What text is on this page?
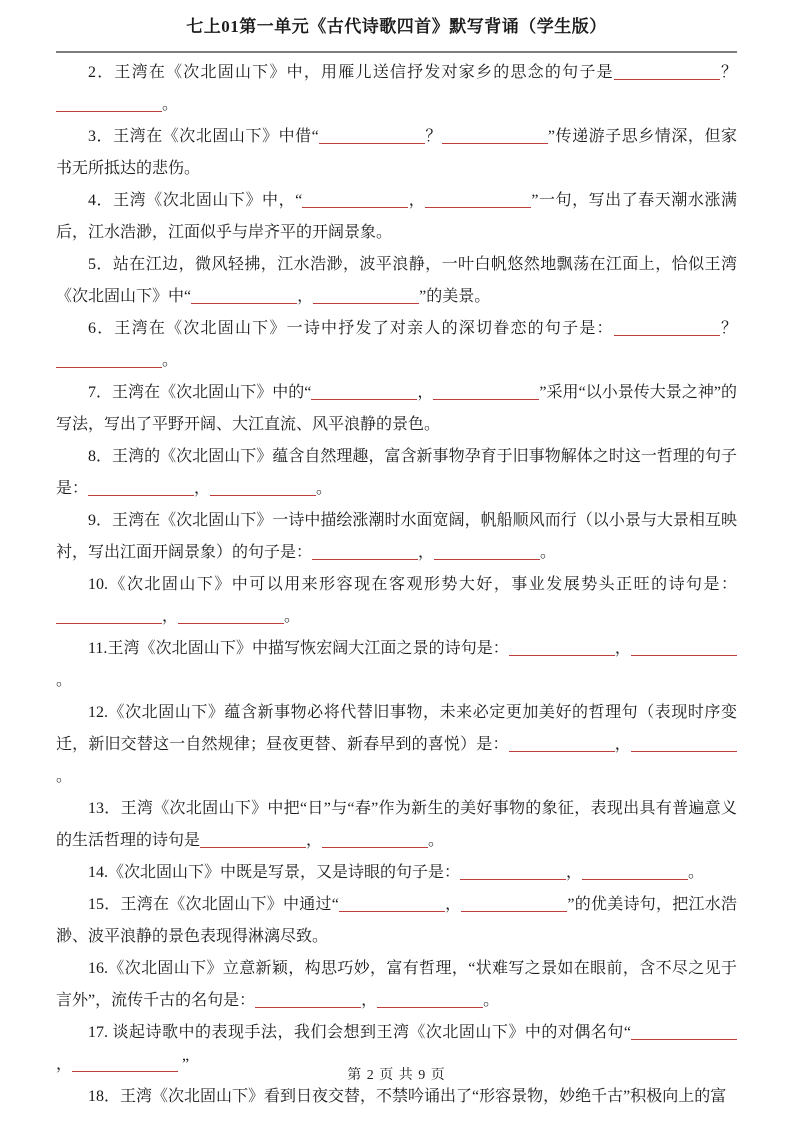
七上01第一单元《古代诗歌四首》默写背诵（学生版）

2．王湾在《次北固山下》中，用雁儿送信抒发对家乡的思念的句子是	？。

3．王湾在《次北固山下》中借“	？	”传递游子思乡情深，但家书无所抵达的悲伤。

4．王湾《次北固山下》中，“	，	”一句，写出了春天潮水涨满后，江水浩渺，江面似乎与岸齐平的开阔景象。

5．站在江边，微风轻拂，江水浩渺，波平浪静，一叶白帆悠然地飘荡在江面上，恰似王湾《次北固山下》中“	，	”的美景。

6．王湾在《次北固山下》一诗中抒发了对亲人的深切眷恋的句子是：	？。

7．王湾在《次北固山下》中的“	，	”采用“以小景传大景之神”的写法，写出了平野开阔、大江直流、风平浪静的景色。

8．王湾的《次北固山下》蕴含自然理趣，富含新事物孕育于旧事物解体之时这一哲理的句子是：	，	。

9．王湾在《次北固山下》一诗中描绘涨潮时水面宽阔，帆船顺风而行（以小景与大景相互映衬，写出江面开阔景象）的句子是：	，	。

10.《次北固山下》中可以用来形容现在客观形势大好，事业发展势头正旺的诗句是：，	。

11.王湾《次北固山下》中描写恢宏阔大江面之景的诗句是：	，。

12.《次北固山下》蕴含新事物必将代替旧事物，未来必定更加美好的哲理句（表现时序变迁，新旧交替这一自然规律；昼夜更替、新春早到的喜悦）是：	，。

13．王湾《次北固山下》中把“日”与“春”作为新生的美好事物的象征，表现出具有普遍意义的生活哲理的诗句是	，	。

14.《次北固山下》中既是写景，又是诗眼的句子是：	，	。

15．王湾在《次北固山下》中通过“	，	”的优美诗句，把江水浩渺、波平浪静的景色表现得淋漓尽致。

16.《次北固山下》立意新颖，构思巧妙，富有哲理，“状难写之景如在眼前，含不尽之见于言外”，流传千古的名句是：	，	。

17. 谈起诗歌中的表现手法，我们会想到王湾《次北固山下》中的对偶名句“，	”

18．王湾《次北固山下》看到日夜交替，不禁吟诵出了“形容景物，妙绝千古”积极向上的富

第 2 页 共 9 页
